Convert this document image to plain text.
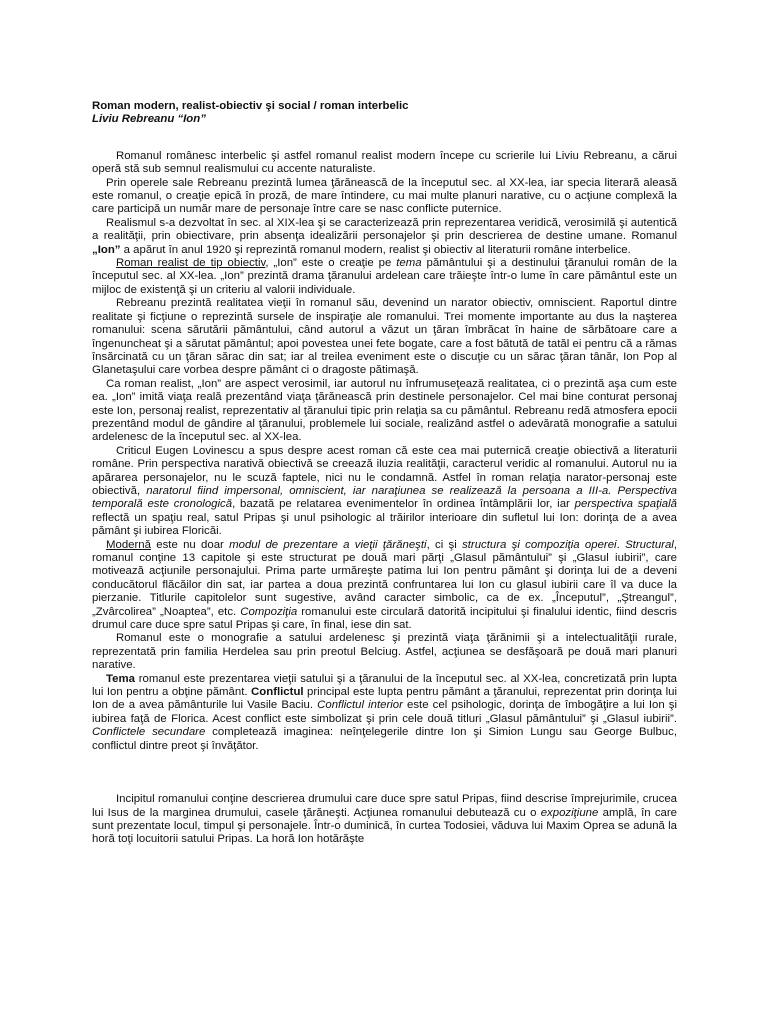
Roman modern, realist-obiectiv şi social / roman interbelic

Liviu Rebreanu “Ion”

Romanul românesc interbelic şi astfel romanul realist modern începe cu scrierile lui Liviu Rebreanu, a cărui operă stă sub semnul realismului cu accente naturaliste.

Prin operele sale Rebreanu prezintă lumea ţărănească de la începutul sec. al XX-lea, iar specia literară aleasă este romanul, o creaţie epică în proză, de mare întindere, cu mai multe planuri narative, cu o acţiune complexă la care participă un număr mare de personaje între care se nasc conflicte puternice.

Realismul s-a dezvoltat în sec. al XIX-lea şi se caracterizează prin reprezentarea veridică, verosimilă şi autentică a realităţii, prin obiectivare, prin absenţa idealizării personajelor şi prin descrierea de destine umane. Romanul „Ion” a apărut în anul 1920 şi reprezintă romanul modern, realist şi obiectiv al literaturii române interbelice.

Roman realist de tip obiectiv, „Ion” este o creaţie pe tema pământului şi a destinului ţăranului român de la începutul sec. al XX-lea. „Ion” prezintă drama ţăranului ardelean care trăieşte într-o lume în care pământul este un mijloc de existenţă şi un criteriu al valorii individuale.

Rebreanu prezintă realitatea vieţii în romanul său, devenind un narator obiectiv, omniscient. Raportul dintre realitate şi ficţiune o reprezintă sursele de inspiraţie ale romanului. Trei momente importante au dus la naşterea romanului: scena sărutării pământului, când autorul a văzut un ţăran îmbrăcat în haine de sărbătoare care a îngenuncheat şi a sărutat pământul; apoi povestea unei fete bogate, care a fost bătută de tatăl ei pentru că a rămas însărcinată cu un ţăran sărac din sat; iar al treilea eveniment este o discuţie cu un sărac ţăran tânăr, Ion Pop al Glanetaşului care vorbea despre pământ ci o dragoste pătimaşă.

Ca roman realist, „Ion” are aspect verosimil, iar autorul nu înfrumuseţează realitatea, ci o prezintă aşa cum este ea. „Ion” imită viaţa reală prezentând viaţa ţărănească prin destinele personajelor. Cel mai bine conturat personaj este Ion, personaj realist, reprezentativ al ţăranului tipic prin relaţia sa cu pământul. Rebreanu redă atmosfera epocii prezentând modul de gândire al ţăranului, problemele lui sociale, realizând astfel o adevărată monografie a satului ardelenesc de la începutul sec. al XX-lea.

Criticul Eugen Lovinescu a spus despre acest roman că este cea mai puternică creaţie obiectivă a literaturii române. Prin perspectiva narativă obiectivă se creează iluzia realităţii, caracterul veridic al romanului. Autorul nu ia apărarea personajelor, nu le scuză faptele, nici nu le condamnă. Astfel în roman relaţia narator-personaj este obiectivă, naratorul fiind impersonal, omniscient, iar naraţiunea se realizează la persoana a III-a. Perspectiva temporală este cronologică, bazată pe relatarea evenimentelor în ordinea întâmplării lor, iar perspectiva spaţială reflectă un spaţiu real, satul Pripas şi unul psihologic al trăirilor interioare din sufletul lui Ion: dorinţa de a avea pământ şi iubirea Floricăi.

Modernă este nu doar modul de prezentare a vieţii ţărăneşti, ci şi structura şi compoziţia operei. Structural, romanul conţine 13 capitole şi este structurat pe două mari părţi „Glasul pământului” şi „Glasul iubirii”, care motivează acţiunile personajului. Prima parte urmăreşte patima lui Ion pentru pământ şi dorinţa lui de a deveni conducătorul flăcăilor din sat, iar partea a doua prezintă confruntarea lui Ion cu glasul iubirii care îl va duce la pierzanie. Titlurile capitolelor sunt sugestive, având caracter simbolic, ca de ex. „Începutul”, „Ştreangul”, „Zvârcolirea” „Noaptea”, etc. Compoziţia romanului este circulară datorită incipitului şi finalului identic, fiind descris drumul care duce spre satul Pripas şi care, în final, iese din sat.

Romanul este o monografie a satului ardelenesc şi prezintă viaţa ţărănimii şi a intelectualităţii rurale, reprezentată prin familia Herdelea sau prin preotul Belciug. Astfel, acţiunea se desfăşoară pe două mari planuri narative.

Tema romanul este prezentarea vieţii satului şi a ţăranului de la începutul sec. al XX-lea, concretizată prin lupta lui Ion pentru a obţine pământ. Conflictul principal este lupta pentru pământ a ţăranului, reprezentat prin dorinţa lui Ion de a avea pământurile lui Vasile Baciu. Conflictul interior este cel psihologic, dorinţa de îmbogăţire a lui Ion şi iubirea faţă de Florica. Acest conflict este simbolizat şi prin cele două titluri „Glasul pământului” şi „Glasul iubirii”. Conflictele secundare completează imaginea: neînţelegerile dintre Ion şi Simion Lungu sau George Bulbuc, conflictul dintre preot şi învăţător.

Incipitul romanului conţine descrierea drumului care duce spre satul Pripas, fiind descrise împrejurimile, crucea lui Isus de la marginea drumului, casele ţărăneşti. Acţiunea romanului debutează cu o expoziţiune amplă, în care sunt prezentate locul, timpul şi personajele. Într-o duminică, în curtea Todosiei, văduva lui Maxim Oprea se adună la horă toţi locuitorii satului Pripas. La horă Ion hotărăşte
